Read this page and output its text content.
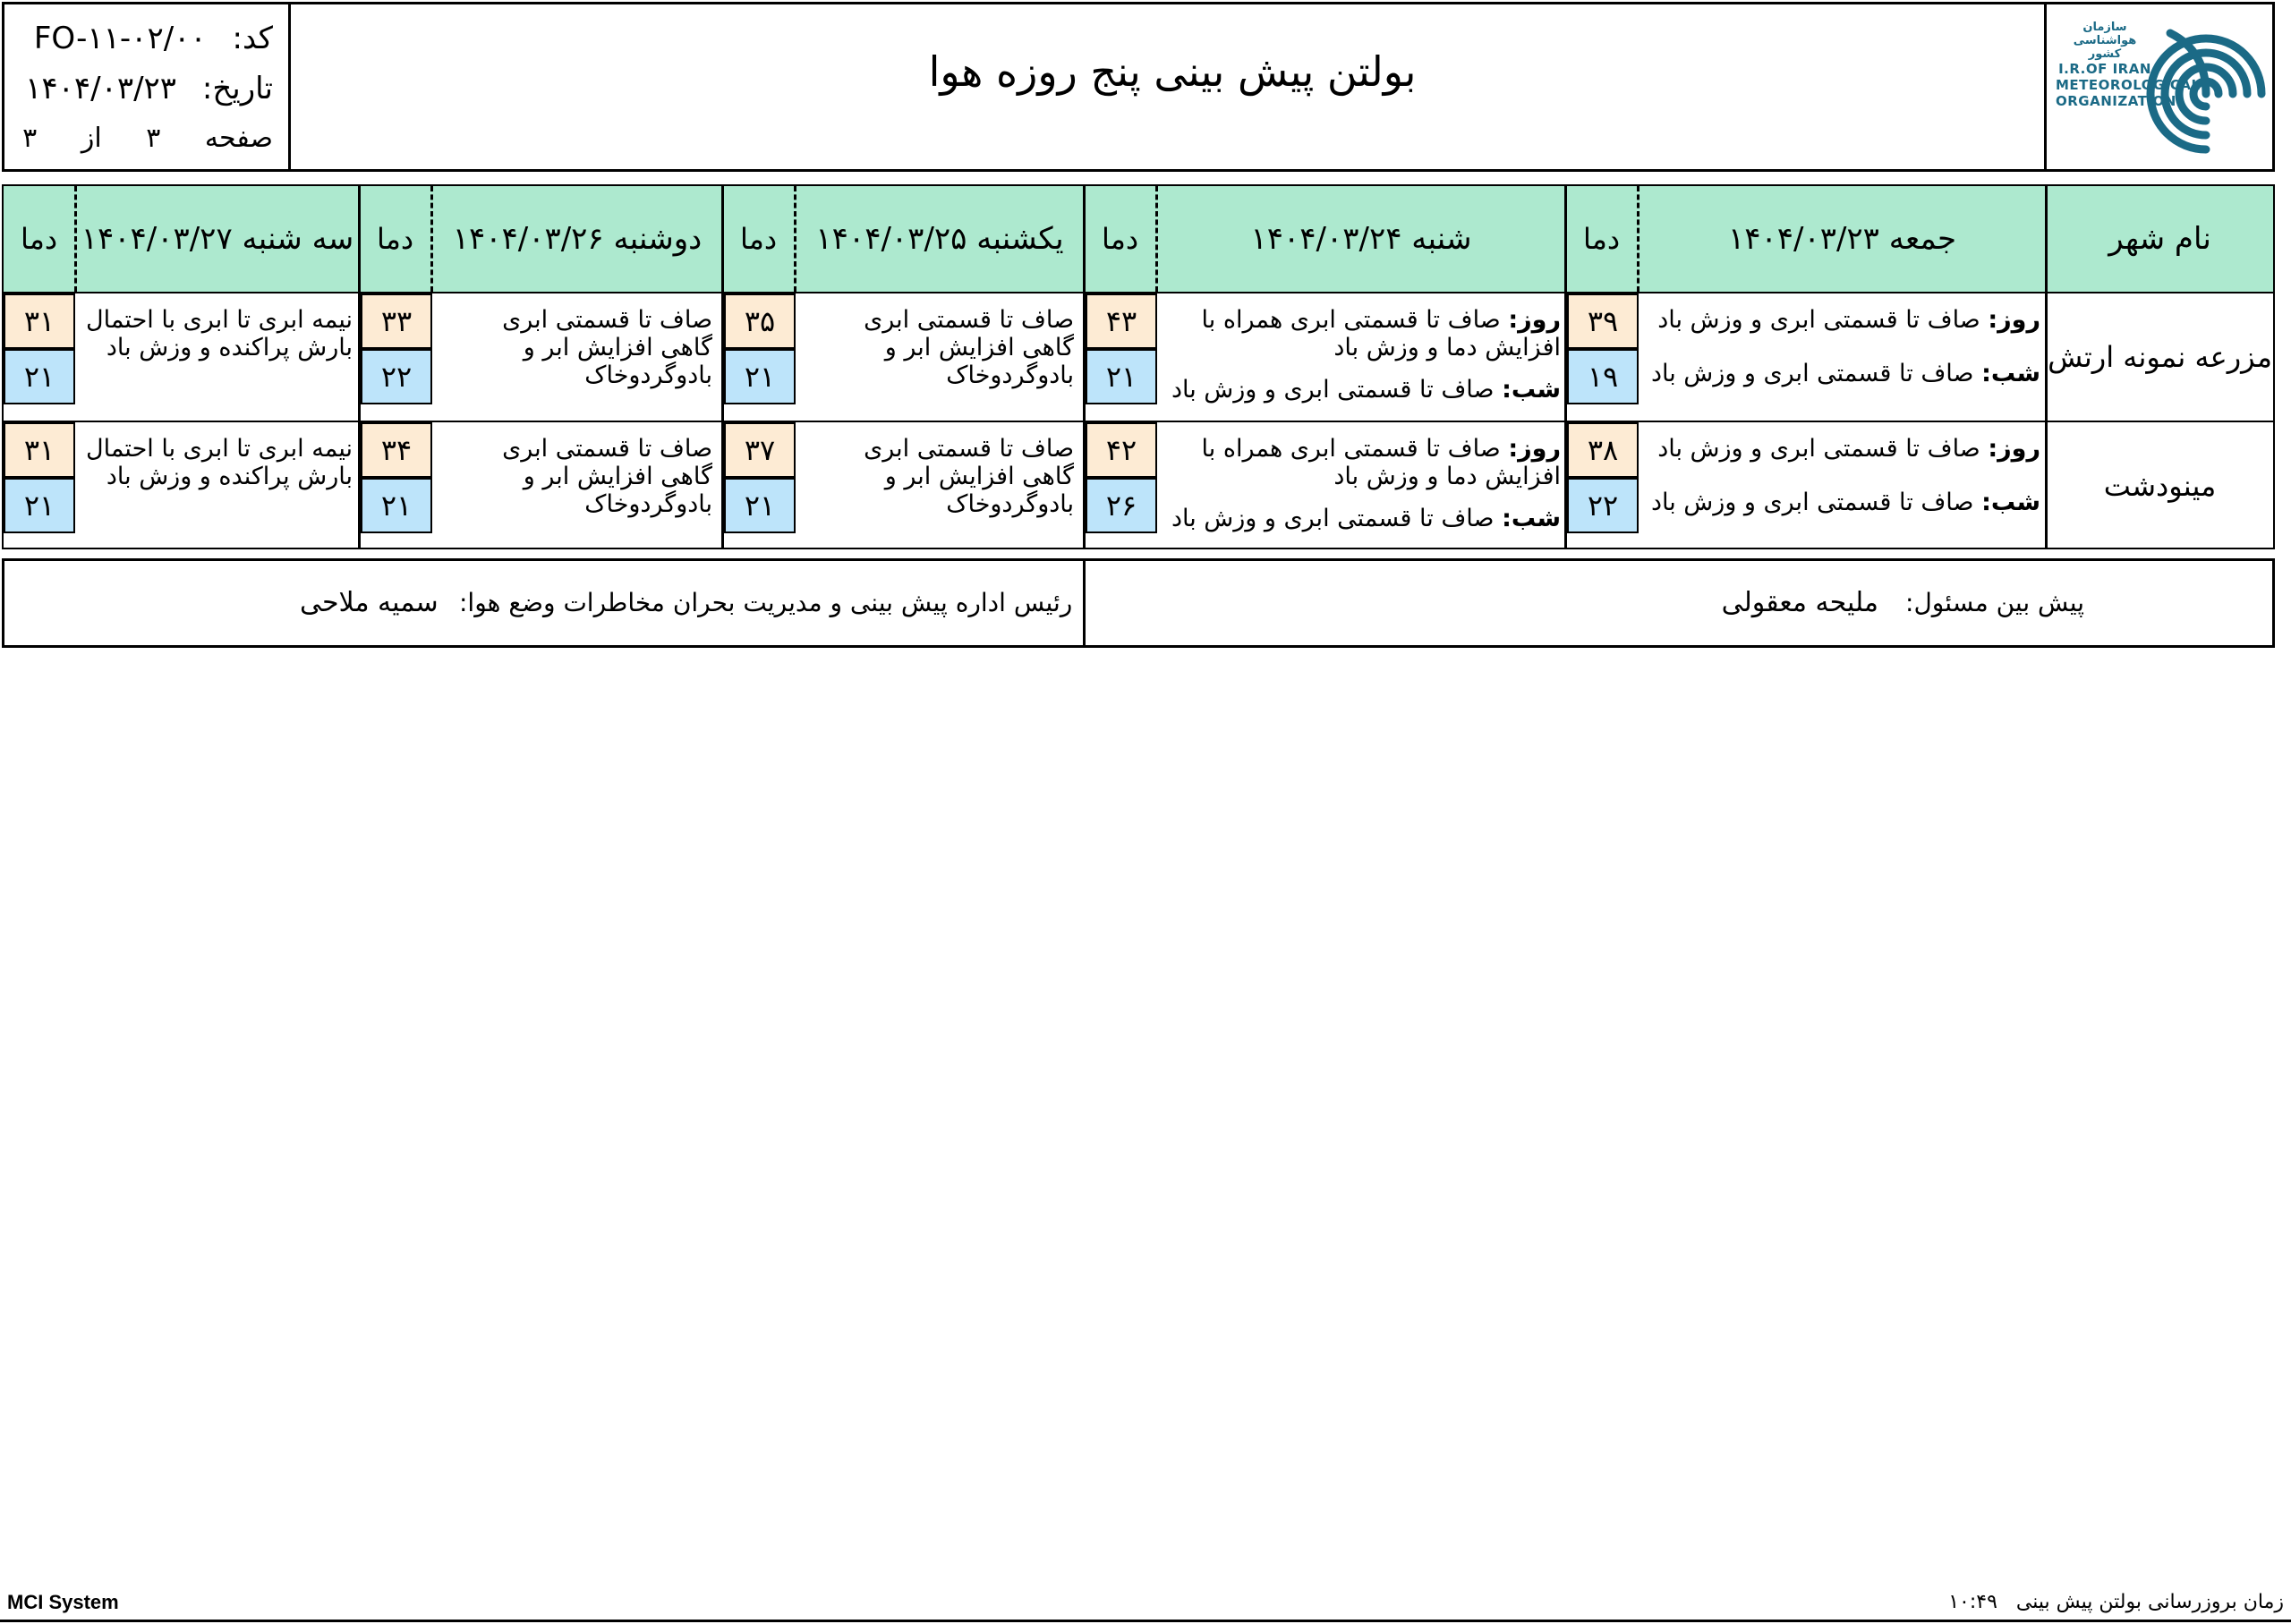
کد: FO-۱۱-۰۲/۰۰
تاریخ: ۱۴۰۴/۰۳/۲۳
صفحه ۳ از ۳
بولتن پیش بینی پنج روزه هوا
سازمان هواشناسی کشور
I.R.OF IRAN
METEOROLOGICAL
ORGANIZATION
نام شهر
جمعه ۱۴۰۴/۰۳/۲۳
دما
شنبه ۱۴۰۴/۰۳/۲۴
دما
یکشنبه ۱۴۰۴/۰۳/۲۵
دما
دوشنبه ۱۴۰۴/۰۳/۲۶
دما
سه شنبه ۱۴۰۴/۰۳/۲۷
دما
مزرعه نمونه ارتش
روز: صاف تا قسمتی ابری و وزش باد
شب: صاف تا قسمتی ابری و وزش باد
۳۹
۱۹
روز: صاف تا قسمتی ابری همراه با افزایش دما و وزش باد
شب: صاف تا قسمتی ابری و وزش باد
۴۳
۲۱
صاف تا قسمتی ابری گاهی افزایش ابر و بادوگردوخاک
۳۵
۲۱
صاف تا قسمتی ابری گاهی افزایش ابر و بادوگردوخاک
۳۳
۲۲
نیمه ابری تا ابری با احتمال بارش پراکنده و وزش باد
۳۱
۲۱
مینودشت
روز: صاف تا قسمتی ابری و وزش باد
شب: صاف تا قسمتی ابری و وزش باد
۳۸
۲۲
روز: صاف تا قسمتی ابری همراه با افزایش دما و وزش باد
شب: صاف تا قسمتی ابری و وزش باد
۴۲
۲۶
صاف تا قسمتی ابری گاهی افزایش ابر و بادوگردوخاک
۳۷
۲۱
صاف تا قسمتی ابری گاهی افزایش ابر و بادوگردوخاک
۳۴
۲۱
نیمه ابری تا ابری با احتمال بارش پراکنده و وزش باد
۳۱
۲۱
پیش بین مسئول:
ملیحه معقولی
رئیس اداره پیش بینی و مدیریت بحران مخاطرات وضع هوا:
سمیه ملاحی
MCI System	زمان بروزرسانی بولتن پیش بینی   ۱۰:۴۹
